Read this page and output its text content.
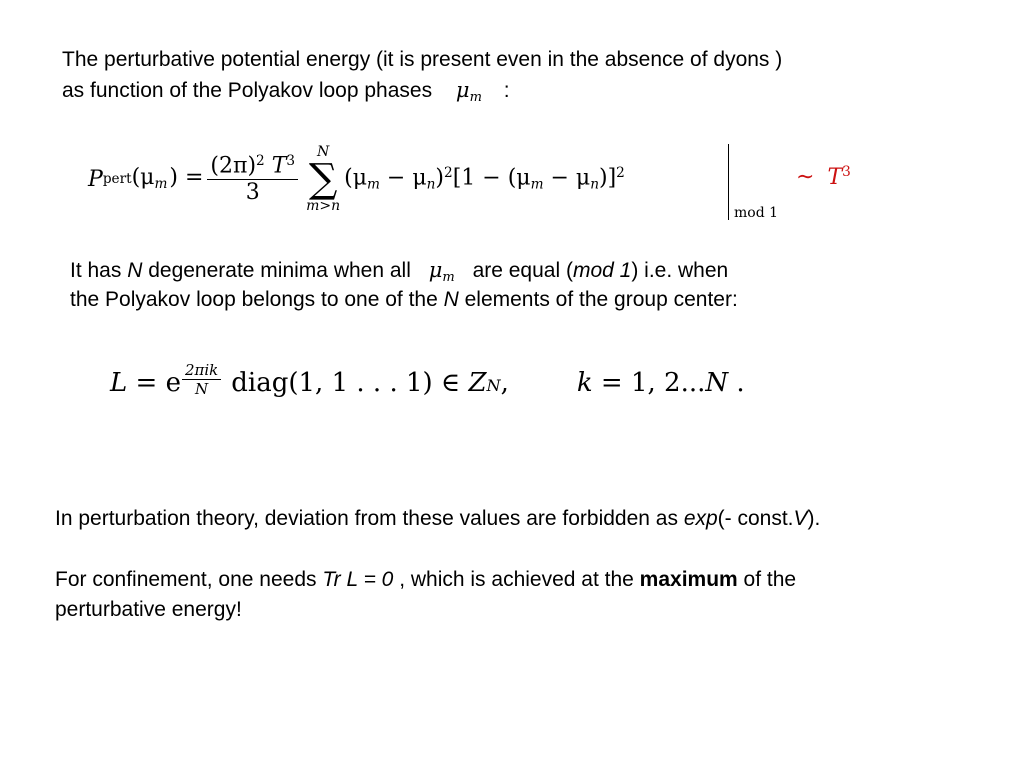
The perturbative potential energy (it is present even in the absence of dyons )
as function of the Polyakov loop phases $\mu_m$ :
P pert $(\mu_m) = \frac{(2\pi)^2 T^3}{3}$
N
∑
m>n
$(\mu_m - \mu_n)^2[1 - (\mu_m - \mu_n)]^2$
mod 1
∼ $T^3$
It has N degenerate minima when all $\mu_m$ are equal (mod 1) i.e. when
the Polyakov loop belongs to one of the N elements of the group center:
L = e $\frac{\text{2πik}}{N}$ diag(1, 1 . . . 1) ∈ Z N ,	k = 1, 2... N .
In perturbation theory, deviation from these values are forbidden as exp(- const.V).
For confinement, one needs Tr L = 0 , which is achieved at the maximum of the
perturbative energy!
